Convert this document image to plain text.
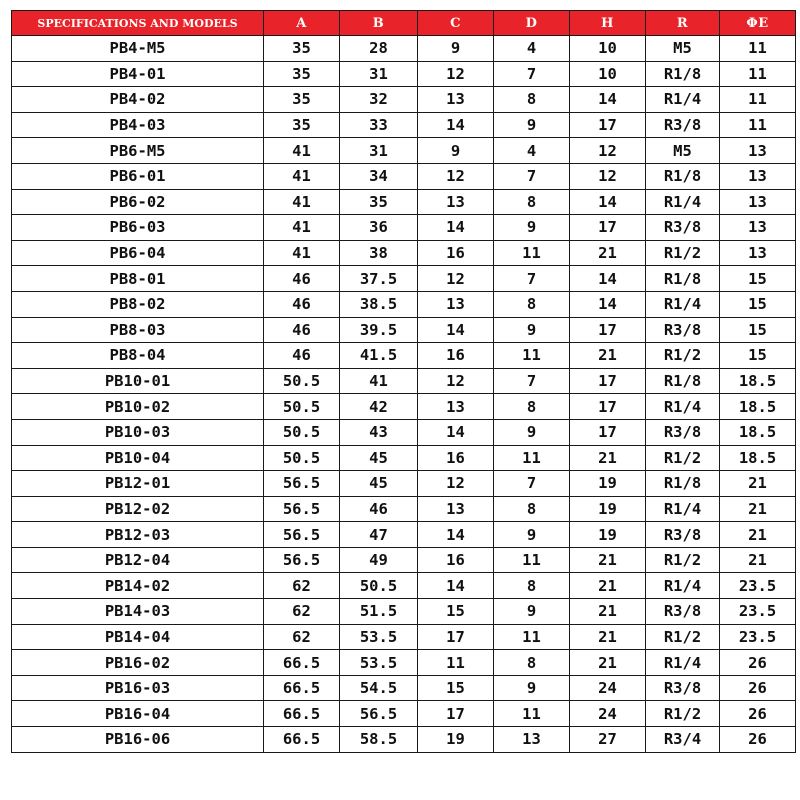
SPECIFICATIONS AND MODELS	A	B	C	D	H	R	ΦE
PB4-M5	35	28	9	4	10	M5	11
PB4-01	35	31	12	7	10	R1/8	11
PB4-02	35	32	13	8	14	R1/4	11
PB4-03	35	33	14	9	17	R3/8	11
PB6-M5	41	31	9	4	12	M5	13
PB6-01	41	34	12	7	12	R1/8	13
PB6-02	41	35	13	8	14	R1/4	13
PB6-03	41	36	14	9	17	R3/8	13
PB6-04	41	38	16	11	21	R1/2	13
PB8-01	46	37.5	12	7	14	R1/8	15
PB8-02	46	38.5	13	8	14	R1/4	15
PB8-03	46	39.5	14	9	17	R3/8	15
PB8-04	46	41.5	16	11	21	R1/2	15
PB10-01	50.5	41	12	7	17	R1/8	18.5
PB10-02	50.5	42	13	8	17	R1/4	18.5
PB10-03	50.5	43	14	9	17	R3/8	18.5
PB10-04	50.5	45	16	11	21	R1/2	18.5
PB12-01	56.5	45	12	7	19	R1/8	21
PB12-02	56.5	46	13	8	19	R1/4	21
PB12-03	56.5	47	14	9	19	R3/8	21
PB12-04	56.5	49	16	11	21	R1/2	21
PB14-02	62	50.5	14	8	21	R1/4	23.5
PB14-03	62	51.5	15	9	21	R3/8	23.5
PB14-04	62	53.5	17	11	21	R1/2	23.5
PB16-02	66.5	53.5	11	8	21	R1/4	26
PB16-03	66.5	54.5	15	9	24	R3/8	26
PB16-04	66.5	56.5	17	11	24	R1/2	26
PB16-06	66.5	58.5	19	13	27	R3/4	26
